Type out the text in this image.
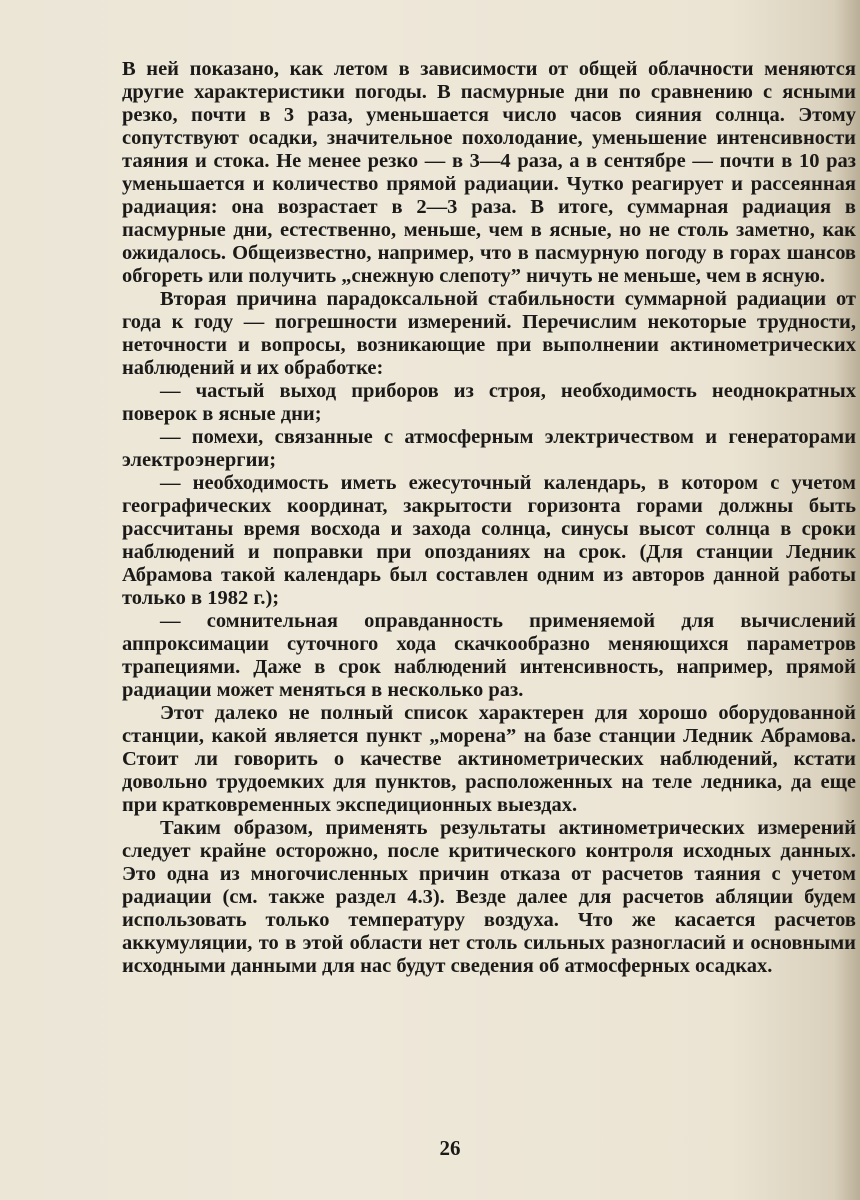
В ней показано, как летом в зависимости от общей облачности меняются другие характеристики погоды. В пасмурные дни по сравнению с ясными резко, почти в 3 раза, уменьшается число часов сияния солнца. Этому сопутствуют осадки, значительное похолодание, уменьшение интенсивности таяния и стока. Не менее резко — в 3—4 раза, а в сентябре — почти в 10 раз уменьшается и количество прямой радиации. Чутко реагирует и рассеянная радиация: она возрастает в 2—3 раза. В итоге, суммарная радиация в пасмурные дни, естественно, меньше, чем в ясные, но не столь заметно, как ожидалось. Общеизвестно, например, что в пасмурную погоду в горах шансов обгореть или получить „снежную слепоту” ничуть не меньше, чем в ясную.

Вторая причина парадоксальной стабильности суммарной радиации от года к году — погрешности измерений. Перечислим некоторые трудности, неточности и вопросы, возникающие при выполнении актинометрических наблюдений и их обработке:

— частый выход приборов из строя, необходимость неоднократных поверок в ясные дни;

— помехи, связанные с атмосферным электричеством и генераторами электроэнергии;

— необходимость иметь ежесуточный календарь, в котором с учетом географических координат, закрытости горизонта горами должны быть рассчитаны время восхода и захода солнца, синусы высот солнца в сроки наблюдений и поправки при опозданиях на срок. (Для станции Ледник Абрамова такой календарь был составлен одним из авторов данной работы только в 1982 г.);

— сомнительная оправданность применяемой для вычислений аппроксимации суточного хода скачкообразно меняющихся параметров трапециями. Даже в срок наблюдений интенсивность, например, прямой радиации может меняться в несколько раз.

Этот далеко не полный список характерен для хорошо оборудованной станции, какой является пункт „морена” на базе станции Ледник Абрамова. Стоит ли говорить о качестве актинометрических наблюдений, кстати довольно трудоемких для пунктов, расположенных на теле ледника, да еще при кратковременных экспедиционных выездах.

Таким образом, применять результаты актинометрических измерений следует крайне осторожно, после критического контроля исходных данных. Это одна из многочисленных причин отказа от расчетов таяния с учетом радиации (см. также раздел 4.3). Везде далее для расчетов абляции будем использовать только температуру воздуха. Что же касается расчетов аккумуляции, то в этой области нет столь сильных разногласий и основными исходными данными для нас будут сведения об атмосферных осадках.

26
